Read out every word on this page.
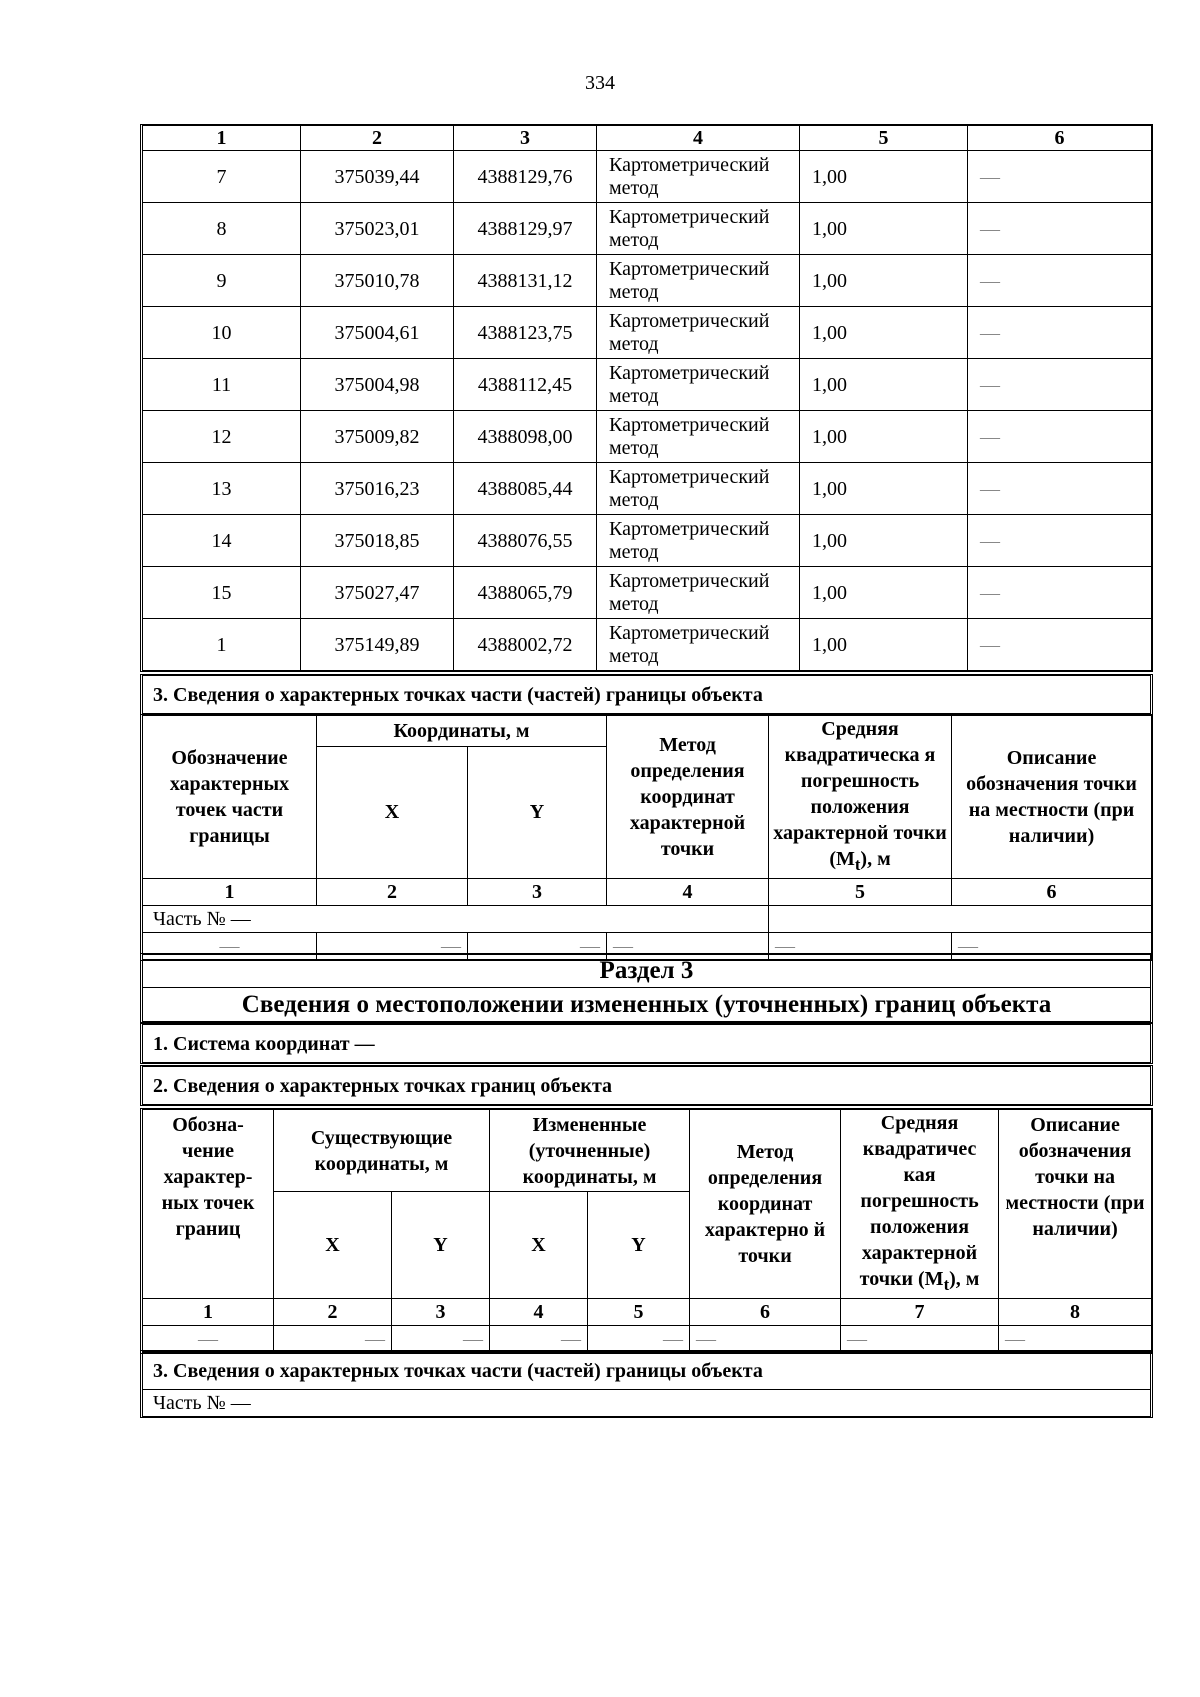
334
1	2	3	4	5	6
7	375039,44	4388129,76	Картометрический метод	1,00	—
8	375023,01	4388129,97	Картометрический метод	1,00	—
9	375010,78	4388131,12	Картометрический метод	1,00	—
10	375004,61	4388123,75	Картометрический метод	1,00	—
11	375004,98	4388112,45	Картометрический метод	1,00	—
12	375009,82	4388098,00	Картометрический метод	1,00	—
13	375016,23	4388085,44	Картометрический метод	1,00	—
14	375018,85	4388076,55	Картометрический метод	1,00	—
15	375027,47	4388065,79	Картометрический метод	1,00	—
1	375149,89	4388002,72	Картометрический метод	1,00	—
3. Сведения о характерных точках части (частей) границы объекта
Обозначение характерных точек части границы	Координаты, м		Метод определения координат характерной точки	Средняя квадратическа я погрешность положения характерной точки $(M_t)$, м	Описание обозначения точки на местности (при наличии)
	X	Y			
1	2	3	4	5	6
Часть № —					
—	—	—	—	—	—
Раздел 3
Сведения о местоположении измененных (уточненных) границ объекта
1. Система координат —
2. Сведения о характерных точках границ объекта
Обозна- чение характер- ных точек границ	Существующие координаты, м		Измененные (уточненные) координаты, м		Метод определения координат характерно й точки	Средняя квадратичес кая погрешность положения характерной точки $(M_t)$, м	Описание обозначения точки на местности (при наличии)
	X	Y	X	Y			
1	2	3	4	5	6	7	8
—	—	—	—	—	—	—	—
3. Сведения о характерных точках части (частей) границы объекта
Часть № —
